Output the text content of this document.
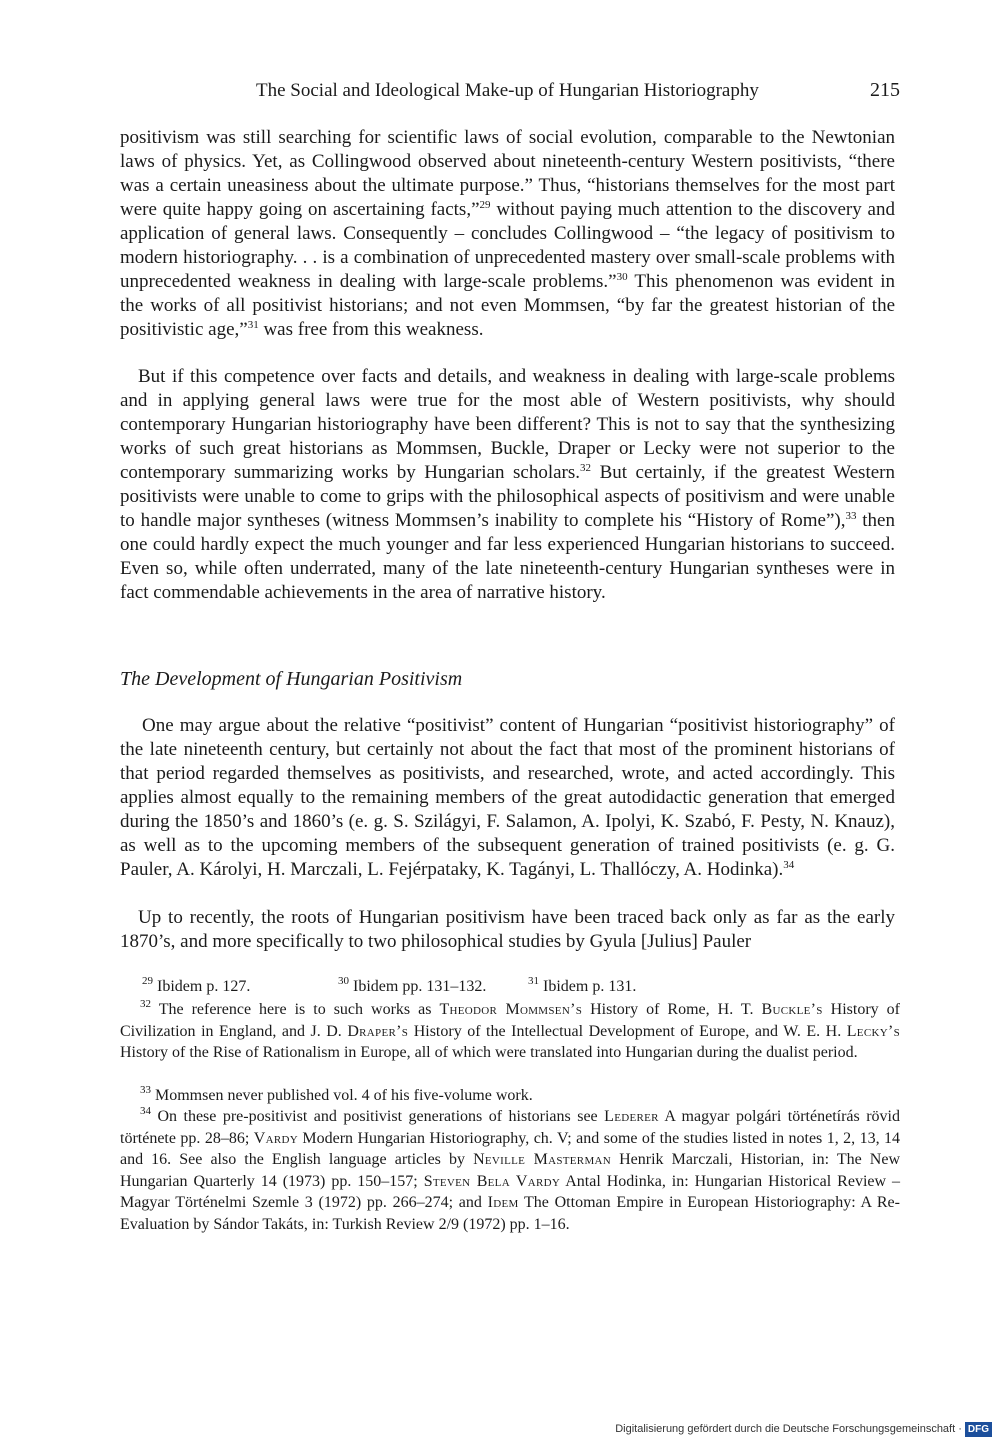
The Social and Ideological Make-up of Hungarian Historiography	215

positivism was still searching for scientific laws of social evolution, comparable to the Newtonian laws of physics. Yet, as Collingwood observed about nineteenth-century Western positivists, “there was a certain uneasiness about the ultimate purpose.” Thus, “historians themselves for the most part were quite happy going on ascertaining facts,”$^{29}$ without paying much attention to the discovery and application of general laws. Consequently – concludes Collingwood – “the legacy of positivism to modern historiography. . . is a combination of unprecedented mastery over small-scale problems with unprecedented weakness in dealing with large-scale problems.”$^{30}$ This phenomenon was evident in the works of all positivist historians; and not even Mommsen, “by far the greatest historian of the positivistic age,”$^{31}$ was free from this weakness.

But if this competence over facts and details, and weakness in dealing with large-scale problems and in applying general laws were true for the most able of Western positivists, why should contemporary Hungarian historiography have been different? This is not to say that the synthesizing works of such great historians as Mommsen, Buckle, Draper or Lecky were not superior to the contemporary summarizing works by Hungarian scholars.$^{32}$ But certainly, if the greatest Western positivists were unable to come to grips with the philosophical aspects of positivism and were unable to handle major syntheses (witness Mommsen’s inability to complete his “History of Rome”),$^{33}$ then one could hardly expect the much younger and far less experienced Hungarian historians to succeed. Even so, while often underrated, many of the late nineteenth-century Hungarian syntheses were in fact commendable achievements in the area of narrative history.

The Development of Hungarian Positivism

One may argue about the relative “positivist” content of Hungarian “positivist historiography” of the late nineteenth century, but certainly not about the fact that most of the prominent historians of that period regarded themselves as positivists, and researched, wrote, and acted accordingly. This applies almost equally to the remaining members of the great autodidactic generation that emerged during the 1850’s and 1860’s (e. g. S. Szilágyi, F. Salamon, A. Ipolyi, K. Szabó, F. Pesty, N. Knauz), as well as to the upcoming members of the subsequent generation of trained positivists (e. g. G. Pauler, A. Károlyi, H. Marczali, L. Fejérpataky, K. Tagányi, L. Thallóczy, A. Hodinka).$^{34}$

Up to recently, the roots of Hungarian positivism have been traced back only as far as the early 1870’s, and more specifically to two philosophical studies by Gyula [Julius] Pauler

$^{29}$ Ibidem p. 127.	$^{30}$ Ibidem pp. 131–132.	$^{31}$ Ibidem p. 131.

$^{32}$ The reference here is to such works as Theodor Mommsen’s History of Rome, H. T. Buckle’s History of Civilization in England, and J. D. Draper’s History of the Intellectual Development of Europe, and W. E. H. Lecky’s History of the Rise of Rationalism in Europe, all of which were translated into Hungarian during the dualist period.

$^{33}$ Mommsen never published vol. 4 of his five-volume work.

$^{34}$ On these pre-positivist and positivist generations of historians see Lederer A magyar polgári történetírás rövid története pp. 28–86; Vardy Modern Hungarian Historiography, ch. V; and some of the studies listed in notes 1, 2, 13, 14 and 16. See also the English language articles by Neville Masterman Henrik Marczali, Historian, in: The New Hungarian Quarterly 14 (1973) pp. 150–157; Steven Bela Vardy Antal Hodinka, in: Hungarian Historical Review – Magyar Történelmi Szemle 3 (1972) pp. 266–274; and Idem The Ottoman Empire in European Historiography: A Re-Evaluation by Sándor Takáts, in: Turkish Review 2/9 (1972) pp. 1–16.

Digitalisierung gefördert durch die Deutsche Forschungsgemeinschaft · DFG
